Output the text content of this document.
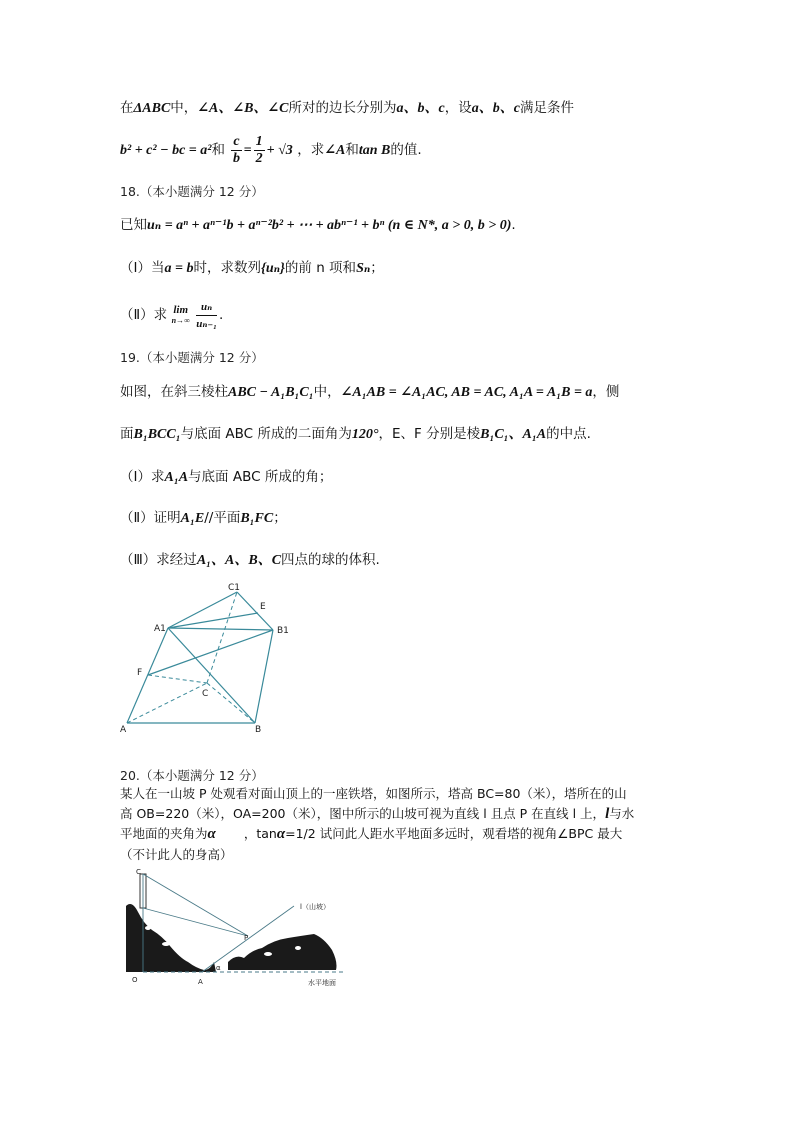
在ΔABC中，∠A、∠B、∠C所对的边长分别为a、b、c，设a、b、c满足条件
b² + c² − bc = a²和 $\frac{c}{b} = \frac{1}{2} + √3$ ，求∠A和tan B的值.
18.（本小题满分 12 分）
已知uₙ = aⁿ + aⁿ⁻¹b + aⁿ⁻²b² + ⋯ + abⁿ⁻¹ + bⁿ (n ∈ N*, a > 0, b > 0).
（Ⅰ）当a = b时，求数列{uₙ}的前 n 项和Sₙ；
（Ⅱ）求 lim
n→∞
$\frac{\text{uₙ}}{\text{uₙ₋₁}}$ .
19.（本小题满分 12 分）
如图，在斜三棱柱ABC − A₁B₁C₁中，∠A₁AB = ∠A₁AC, AB = AC, A₁A = A₁B = a，侧
面B₁BCC₁与底面 ABC 所成的二面角为120°，E、F 分别是棱B₁C₁、A₁A的中点.
（Ⅰ）求A₁A与底面 ABC 所成的角；
（Ⅱ）证明A₁E//平面B₁FC；
（Ⅲ）求经过A₁、A、B、C四点的球的体积.
C1
E
A1	B1
F
C
A	B
20.（本小题满分 12 分）
某人在一山坡 P 处观看对面山顶上的一座铁塔，如图所示，塔高 BC=80（米），塔所在的山
高 OB=220（米），OA=200（米），图中所示的山坡可视为直线 l 且点 P 在直线 l 上，l与水
平地面的夹角为α ，tanα=1/2 试问此人距水平地面多远时，观看塔的视角∠BPC 最大
（不计此人的身高）
C
B
P
l（山坡）
O	A
α
水平地面
